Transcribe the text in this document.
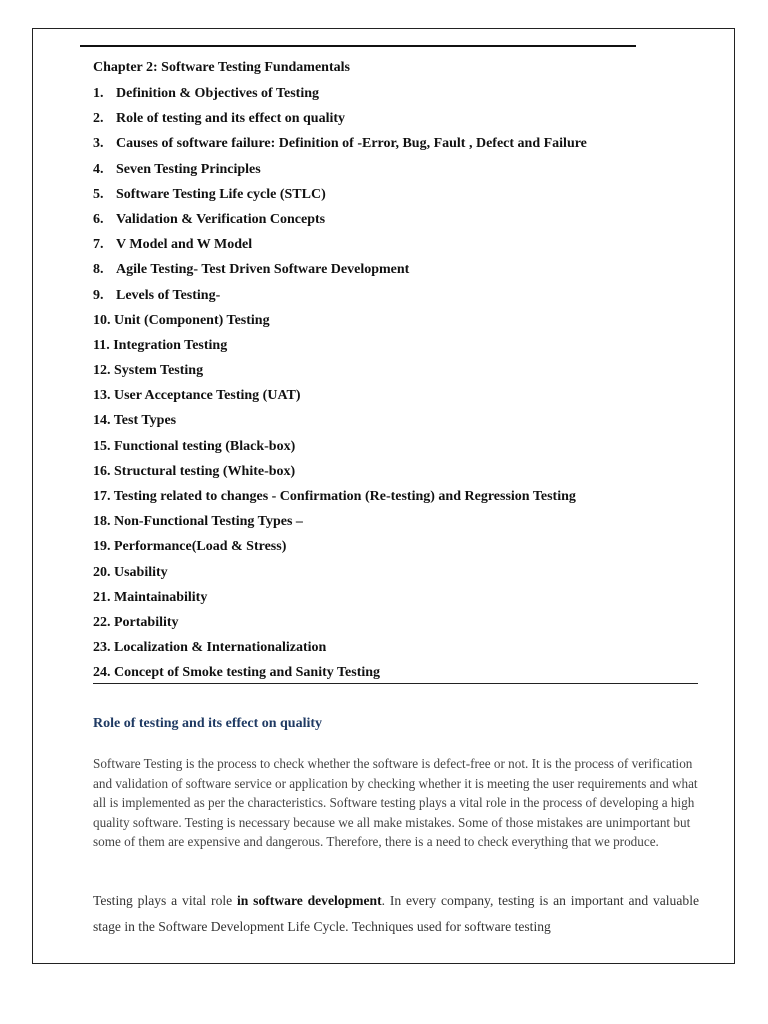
Chapter 2: Software Testing Fundamentals
1. Definition & Objectives of Testing
2. Role of testing and its effect on quality
3. Causes of software failure: Definition of -Error, Bug, Fault , Defect and Failure
4. Seven Testing Principles
5. Software Testing Life cycle (STLC)
6. Validation & Verification Concepts
7. V Model and W Model
8. Agile Testing- Test Driven Software Development
9. Levels of Testing-
10. Unit (Component) Testing
11. Integration Testing
12. System Testing
13. User Acceptance Testing (UAT)
14. Test Types
15. Functional testing (Black-box)
16. Structural testing (White-box)
17. Testing related to changes - Confirmation (Re-testing) and Regression Testing
18. Non-Functional Testing Types –
19. Performance(Load & Stress)
20. Usability
21. Maintainability
22. Portability
23. Localization & Internationalization
24. Concept of Smoke testing and Sanity Testing
Role of testing and its effect on quality

Software Testing is the process to check whether the software is defect-free or not. It is the process of verification and validation of software service or application by checking whether it is meeting the user requirements and what all is implemented as per the characteristics. Software testing plays a vital role in the process of developing a high quality software. Testing is necessary because we all make mistakes. Some of those mistakes are unimportant but some of them are expensive and dangerous. Therefore, there is a need to check everything that we produce.

Testing plays a vital role in software development. In every company, testing is an important and valuable stage in the Software Development Life Cycle. Techniques used for software testing
